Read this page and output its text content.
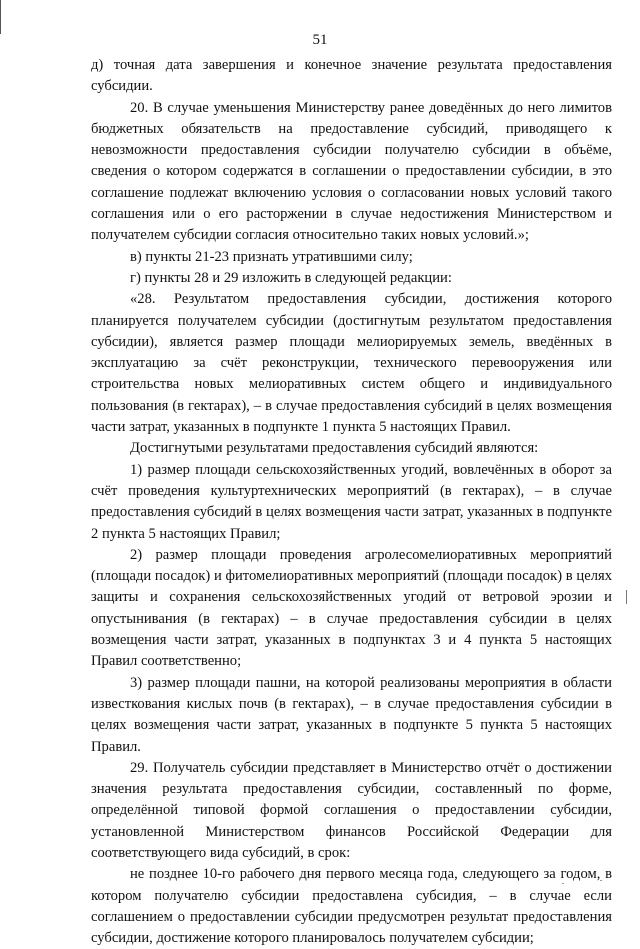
51

д) точная дата завершения и конечное значение результата предоставления субсидии.

20. В случае уменьшения Министерству ранее доведённых до него лимитов бюджетных обязательств на предоставление субсидий, приводящего к невозможности предоставления субсидии получателю субсидии в объёме, сведения о котором содержатся в соглашении о предоставлении субсидии, в это соглашение подлежат включению условия о согласовании новых условий такого соглашения или о его расторжении в случае недостижения Министерством и получателем субсидии согласия относительно таких новых условий.»;

в) пункты 21-23 признать утратившими силу;

г) пункты 28 и 29 изложить в следующей редакции:

«28. Результатом предоставления субсидии, достижения которого планируется получателем субсидии (достигнутым результатом предоставления субсидии), является размер площади мелиорируемых земель, введённых в эксплуатацию за счёт реконструкции, технического перевооружения или строительства новых мелиоративных систем общего и индивидуального пользования (в гектарах), – в случае предоставления субсидий в целях возмещения части затрат, указанных в подпункте 1 пункта 5 настоящих Правил.

Достигнутыми результатами предоставления субсидий являются:

1) размер площади сельскохозяйственных угодий, вовлечённых в оборот за счёт проведения культуртехнических мероприятий (в гектарах), – в случае предоставления субсидий в целях возмещения части затрат, указанных в подпункте 2 пункта 5 настоящих Правил;

2) размер площади проведения агролесомелиоративных мероприятий (площади посадок) и фитомелиоративных мероприятий (площади посадок) в целях защиты и сохранения сельскохозяйственных угодий от ветровой эрозии и опустынивания (в гектарах) – в случае предоставления субсидии в целях возмещения части затрат, указанных в подпунктах 3 и 4 пункта 5 настоящих Правил соответственно;

3) размер площади пашни, на которой реализованы мероприятия в области известкования кислых почв (в гектарах), – в случае предоставления субсидии в целях возмещения части затрат, указанных в подпункте 5 пункта 5 настоящих Правил.

29. Получатель субсидии представляет в Министерство отчёт о достижении значения результата предоставления субсидии, составленный по форме, определённой типовой формой соглашения о предоставлении субсидии, установленной Министерством финансов Российской Федерации для соответствующего вида субсидий, в срок:

не позднее 10-го рабочего дня первого месяца года, следующего за годом, в котором получателю субсидии предоставлена субсидия, – в случае если соглашением о предоставлении субсидии предусмотрен результат предоставления субсидии, достижение которого планировалось получателем субсидии;
